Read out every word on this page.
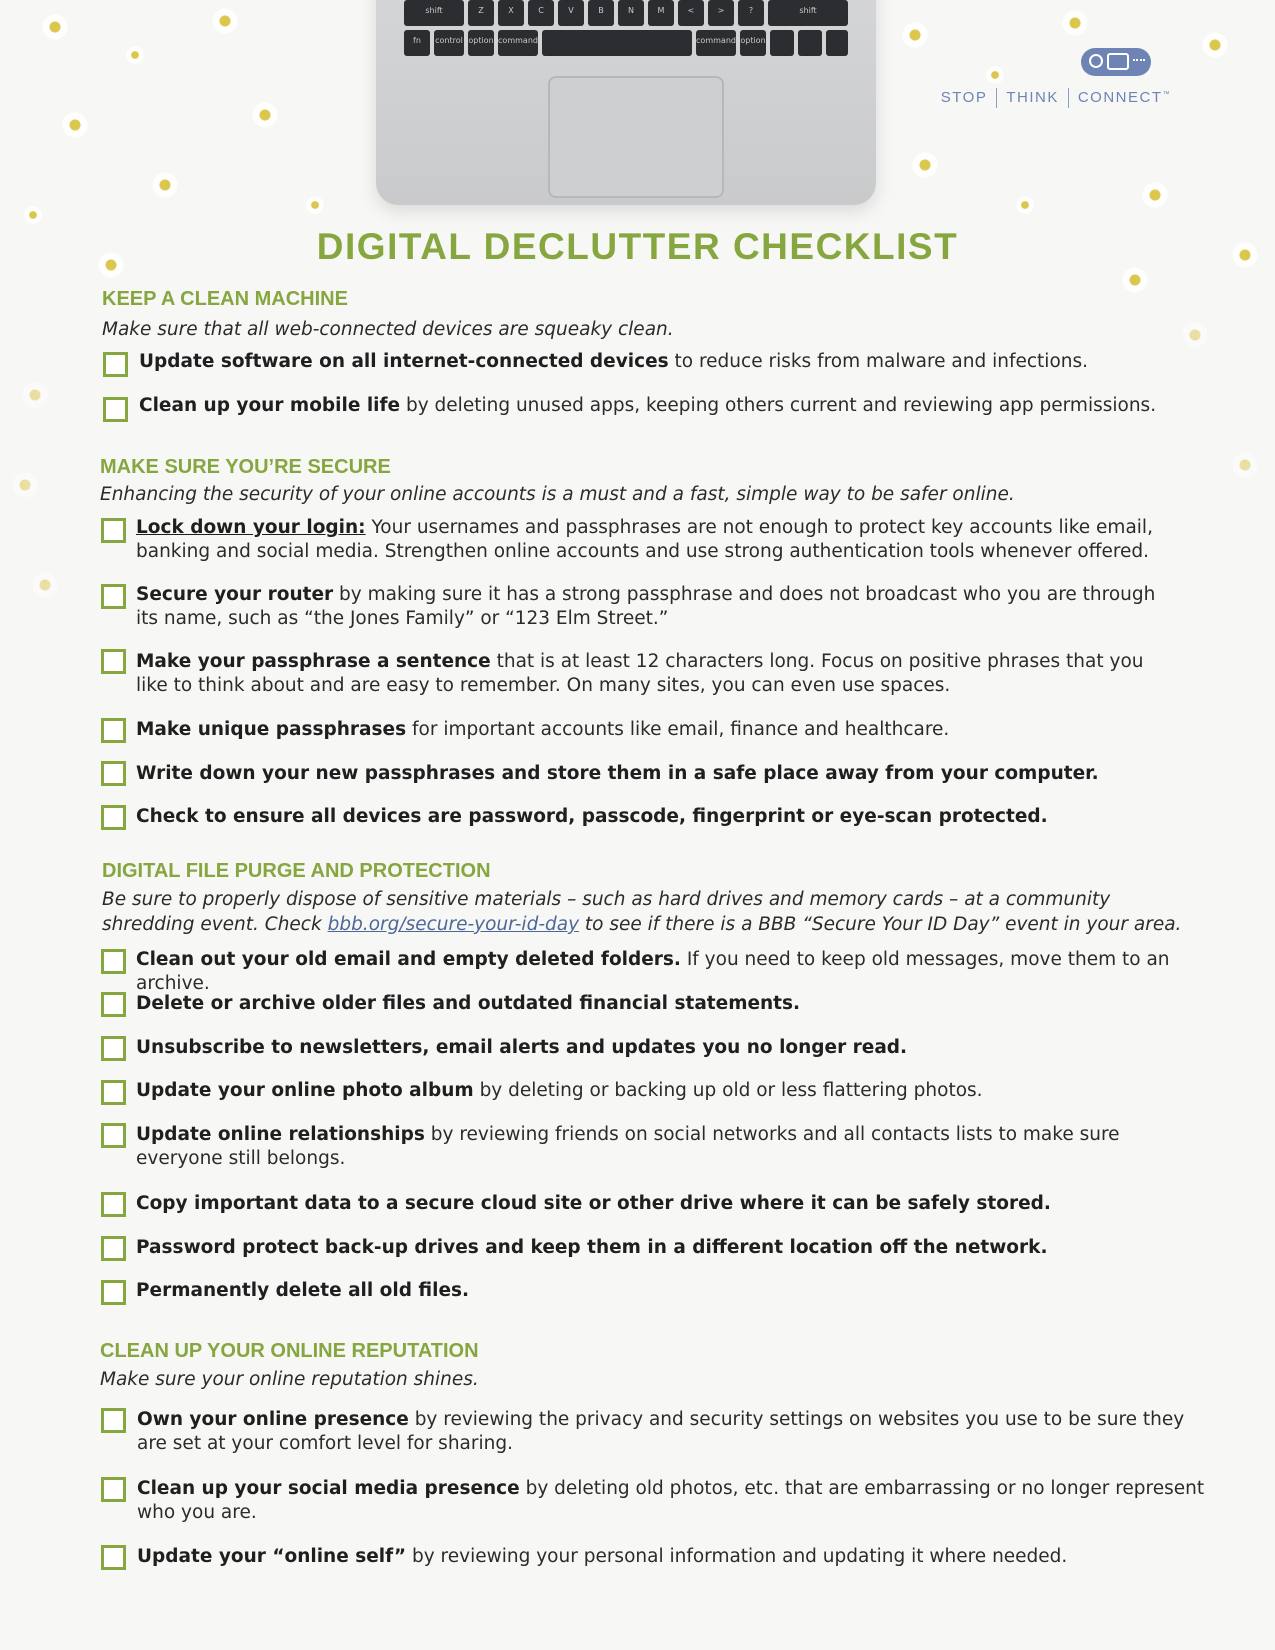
shift	Z	X	C	V	B	N	M	<	>	?	shift
fn	control option command	command option
STOP THINK CONNECT™
DIGITAL DECLUTTER CHECKLIST
KEEP A CLEAN MACHINE
Make sure that all web-connected devices are squeaky clean.
Update software on all internet-connected devices to reduce risks from malware and infections.
Clean up your mobile life by deleting unused apps, keeping others current and reviewing app permissions.
MAKE SURE YOU’RE SECURE
Enhancing the security of your online accounts is a must and a fast, simple way to be safer online.
Lock down your login: Your usernames and passphrases are not enough to protect key accounts like email, banking and social media. Strengthen online accounts and use strong authentication tools whenever offered.
Secure your router by making sure it has a strong passphrase and does not broadcast who you are through its name, such as “the Jones Family” or “123 Elm Street.”
Make your passphrase a sentence that is at least 12 characters long. Focus on positive phrases that you like to think about and are easy to remember. On many sites, you can even use spaces.
Make unique passphrases for important accounts like email, finance and healthcare.
Write down your new passphrases and store them in a safe place away from your computer.
Check to ensure all devices are password, passcode, fingerprint or eye-scan protected.
DIGITAL FILE PURGE AND PROTECTION
Be sure to properly dispose of sensitive materials – such as hard drives and memory cards – at a community shredding event. Check bbb.org/secure-your-id-day to see if there is a BBB “Secure Your ID Day” event in your area.
Clean out your old email and empty deleted folders. If you need to keep old messages, move them to an archive.
Delete or archive older files and outdated financial statements.
Unsubscribe to newsletters, email alerts and updates you no longer read.
Update your online photo album by deleting or backing up old or less flattering photos.
Update online relationships by reviewing friends on social networks and all contacts lists to make sure everyone still belongs.
Copy important data to a secure cloud site or other drive where it can be safely stored.
Password protect back-up drives and keep them in a different location off the network.
Permanently delete all old files.
CLEAN UP YOUR ONLINE REPUTATION
Make sure your online reputation shines.
Own your online presence by reviewing the privacy and security settings on websites you use to be sure they are set at your comfort level for sharing.
Clean up your social media presence by deleting old photos, etc. that are embarrassing or no longer represent who you are.
Update your “online self” by reviewing your personal information and updating it where needed.
